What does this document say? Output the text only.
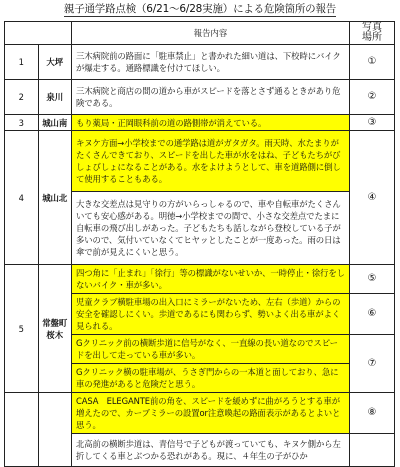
親子通学路点検（6/21〜6/28実施）による危険箇所の報告
		報告内容	写真
場所

1	大坪	三木病院前の路面に「駐車禁止」と書かれた細い道は、下校時にバイクが爆走する。通路標識を付けてほしい。	①
2	泉川	三木病院と商店の間の道から車がスピードを落とさず通るときがあり危険である。	②
3	城山南	もり薬局・正岡眼科前の道の路側帯が消えている。	③
4	城山北	キヌケ方面→小学校までの通学路は道がガタガタ。雨天時、水たまりがたくさんできており、スピードを出した車が水をはね、子どもたちがびしょびしょになることがある。水をよけようとして、車を道路側に倒して使用することもある。	④
		大きな交差点は見守りの方がいらっしゃるので、車や自転車がたくさんいても安心感がある。明徳→小学校までの間で、小さな交差点でたまに自転車の飛び出しがあった。子どもたちも話しながら登校している子が多いので、気付いていなくてヒヤッとしたことが一度あった。雨の日は傘で前が見えにくいと思う。	
5	常盤町桜木	四つ角に「止まれ」「徐行」等の標識がないせいか、一時停止・徐行をしないバイク・車が多い。	⑤
		児童クラブ横駐車場の出入口にミラーがないため、左右（歩道）からの安全を確認しにくい。歩道であるにも関わらず、勢いよく出る車がよく見られる。	⑥
		Gクリニック前の横断歩道に信号がなく、一直線の長い道なのでスピードを出して走っている車が多い。	⑦
		Gクリニック横の駐車場が、うさぎ門からの一本道と面しており、急に車の発進があると危険だと思う。	
		CASA　ELEGANTE前の角を、スピードを緩めずに曲がろうとする車が増えたので、カーブミラーの設置or注意喚起の路面表示があるとよいと思う。	⑧
		北高前の横断歩道は、青信号で子どもが渡っていても、キヌケ側から左折してくる車とぶつかる恐れがある。現に、４年生の子がひか	
